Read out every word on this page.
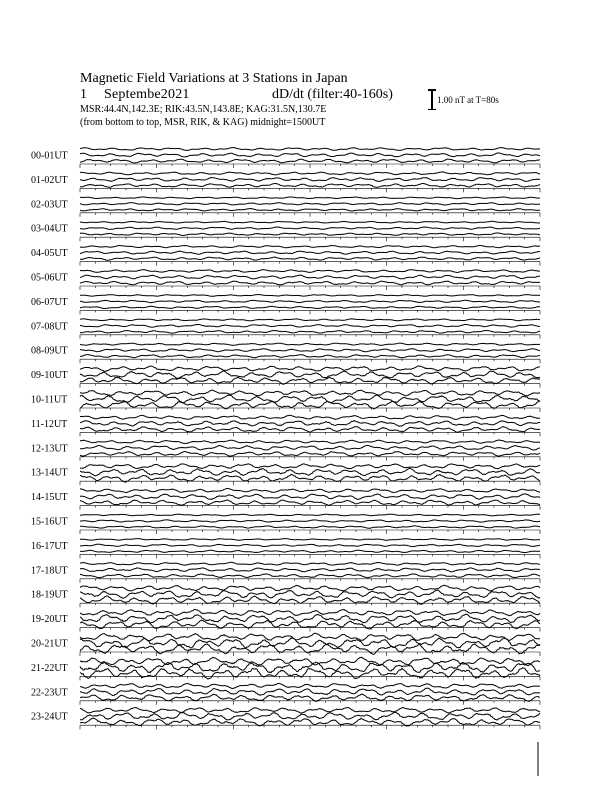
Magnetic Field Variations at 3 Stations in Japan
1 Septembe2021	dD/dt (filter:40-160s)
MSR:44.4N,142.3E; RIK:43.5N,143.8E; KAG:31.5N,130.7E
(from bottom to top, MSR, RIK, & KAG) midnight=1500UT
1.00 nT at T=80s
00-01UT
01-02UT
02-03UT
03-04UT
04-05UT
05-06UT
06-07UT
07-08UT
08-09UT
09-10UT
10-11UT
11-12UT
12-13UT
13-14UT
14-15UT
15-16UT
16-17UT
17-18UT
18-19UT
19-20UT
20-21UT
21-22UT
22-23UT
23-24UT
